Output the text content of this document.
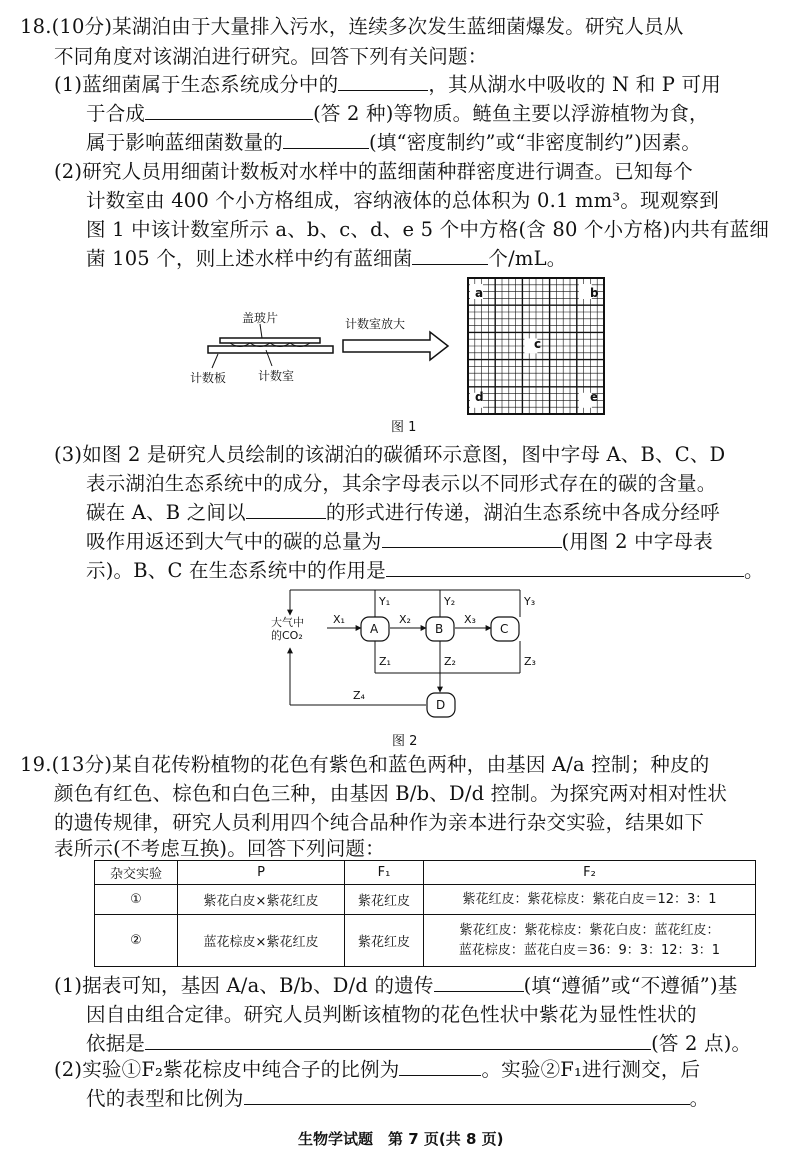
18.(10分)某湖泊由于大量排入污水，连续多次发生蓝细菌爆发。研究人员从
不同角度对该湖泊进行研究。回答下列有关问题：
(1)蓝细菌属于生态系统成分中的	，其从湖水中吸收的 N 和 P 可用
于合成	(答 2 种)等物质。鲢鱼主要以浮游植物为食，
属于影响蓝细菌数量的	(填“密度制约”或“非密度制约”)因素。
(2)研究人员用细菌计数板对水样中的蓝细菌种群密度进行调查。已知每个
计数室由 400 个小方格组成，容纳液体的总体积为 0.1 mm³。现观察到
图 1 中该计数室所示 a、b、c、d、e 5 个中方格(含 80 个小方格)内共有蓝细
菌 105 个，则上述水样中约有蓝细菌	个/mL。
盖玻片
计数板	计数室
计数室放大
a	b
c
d	e
图 1
(3)如图 2 是研究人员绘制的该湖泊的碳循环示意图，图中字母 A、B、C、D
表示湖泊生态系统中的成分，其余字母表示以不同形式存在的碳的含量。
碳在 A、B 之间以	的形式进行传递，湖泊生态系统中各成分经呼
吸作用返还到大气中的碳的总量为	(用图 2 中字母表
示)。B、C 在生态系统中的作用是	。
大气中
的CO₂	A	B	C
D
X₁	X₂	X₃
Y₁	Y₂	Y₃
Z₁	Z₂	Z₃
Z₄
图 2
19.(13分)某自花传粉植物的花色有紫色和蓝色两种，由基因 A/a 控制；种皮的
颜色有红色、棕色和白色三种，由基因 B/b、D/d 控制。为探究两对相对性状
的遗传规律，研究人员利用四个纯合品种作为亲本进行杂交实验，结果如下
表所示(不考虑互换)。回答下列问题：
杂交实验	P	F₁	F₂
①	紫花白皮×紫花红皮	紫花红皮	紫花红皮：紫花棕皮：紫花白皮＝12：3：1
②	蓝花棕皮×紫花红皮	紫花红皮	紫花红皮：紫花棕皮：紫花白皮：蓝花红皮：
蓝花棕皮：蓝花白皮＝36：9：3：12：3：1
(1)据表可知，基因 A/a、B/b、D/d 的遗传	(填“遵循”或“不遵循”)基
因自由组合定律。研究人员判断该植物的花色性状中紫花为显性性状的
依据是	(答 2 点)。
(2)实验①F₂紫花棕皮中纯合子的比例为	。实验②F₁进行测交，后
代的表型和比例为	。
生物学试题　第 7 页(共 8 页)
